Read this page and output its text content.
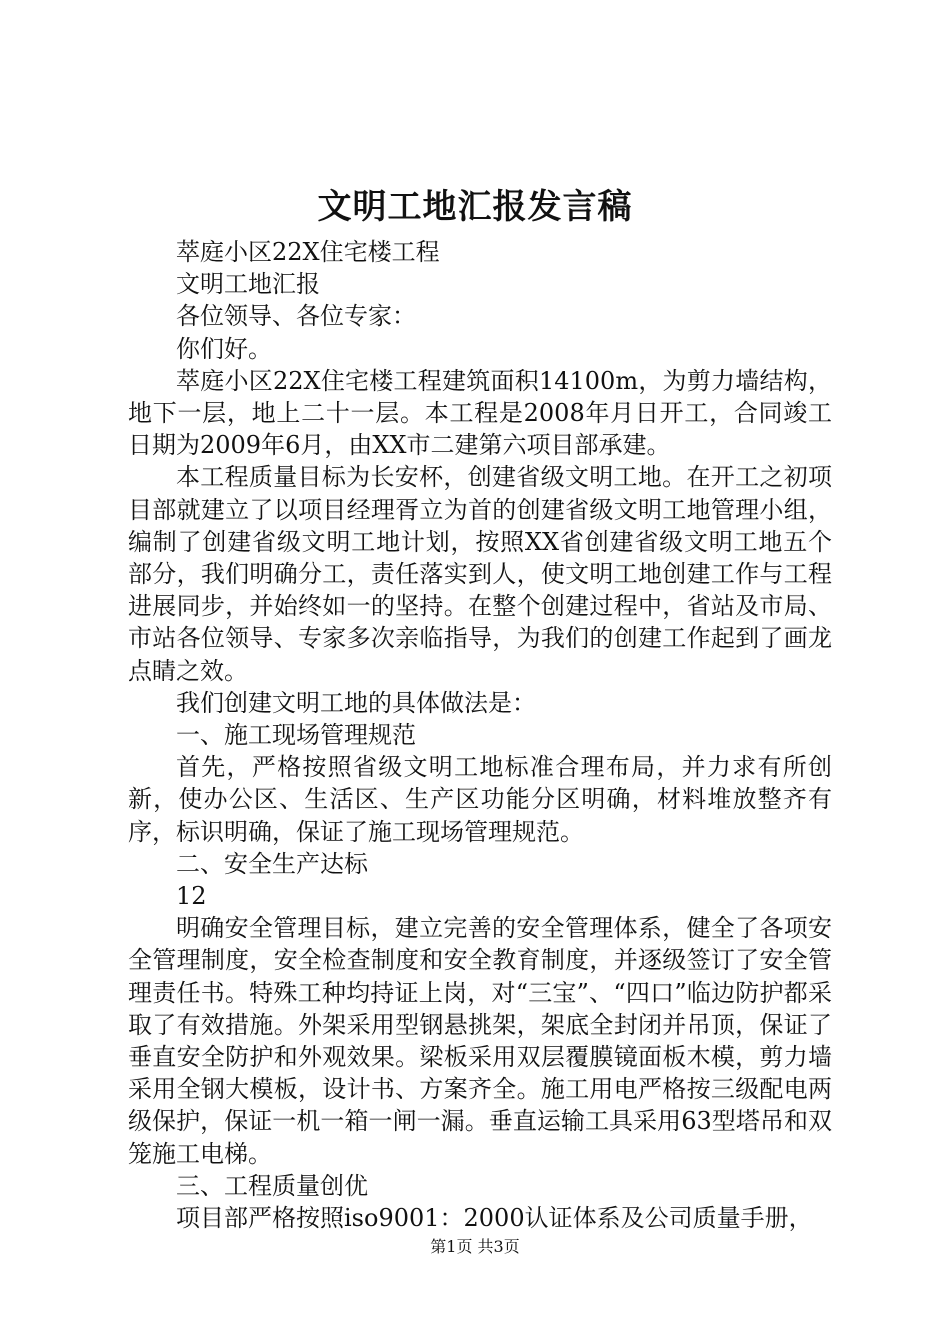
文明工地汇报发言稿

萃庭小区22X住宅楼工程

文明工地汇报

各位领导、各位专家：

你们好。

萃庭小区22X住宅楼工程建筑面积14100m，为剪力墙结构，地下一层，地上二十一层。本工程是2008年月日开工，合同竣工日期为2009年6月，由XX市二建第六项目部承建。

本工程质量目标为长安杯，创建省级文明工地。在开工之初项目部就建立了以项目经理胥立为首的创建省级文明工地管理小组，编制了创建省级文明工地计划，按照XX省创建省级文明工地五个部分，我们明确分工，责任落实到人，使文明工地创建工作与工程进展同步，并始终如一的坚持。在整个创建过程中，省站及市局、市站各位领导、专家多次亲临指导，为我们的创建工作起到了画龙点睛之效。

我们创建文明工地的具体做法是：

一、施工现场管理规范

首先，严格按照省级文明工地标准合理布局，并力求有所创新，使办公区、生活区、生产区功能分区明确，材料堆放整齐有序，标识明确，保证了施工现场管理规范。

二、安全生产达标

12

明确安全管理目标，建立完善的安全管理体系，健全了各项安全管理制度，安全检查制度和安全教育制度，并逐级签订了安全管理责任书。特殊工种均持证上岗，对“三宝”、“四口”临边防护都采取了有效措施。外架采用型钢悬挑架，架底全封闭并吊顶，保证了垂直安全防护和外观效果。梁板采用双层覆膜镜面板木模，剪力墙采用全钢大模板，设计书、方案齐全。施工用电严格按三级配电两级保护，保证一机一箱一闸一漏。垂直运输工具采用63型塔吊和双笼施工电梯。

三、工程质量创优

项目部严格按照iso9001：2000认证体系及公司质量手册，

第1页 共3页
